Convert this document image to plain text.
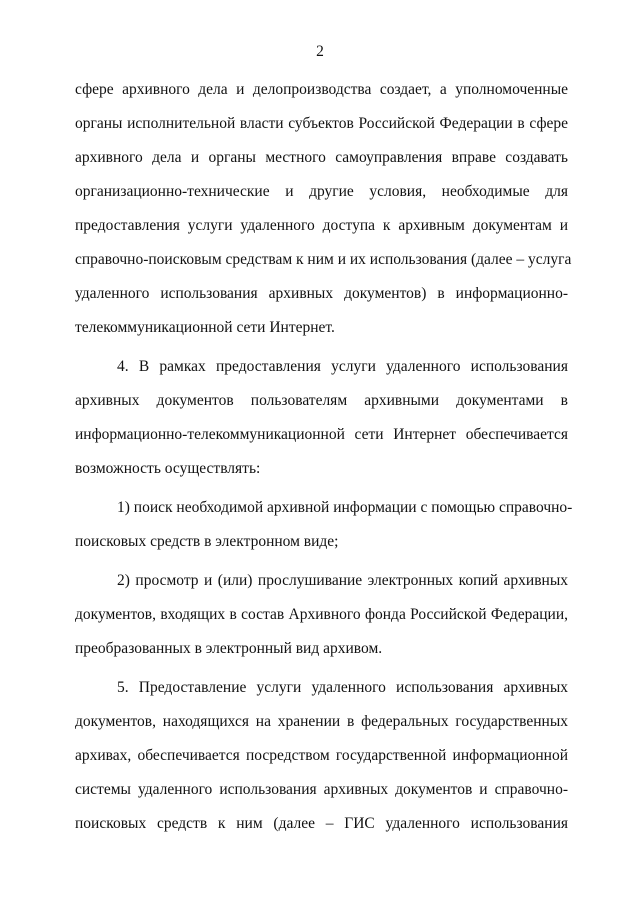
2
сфере архивного дела и делопроизводства создает, а уполномоченные
органы исполнительной власти субъектов Российской Федерации в сфере
архивного дела и органы местного самоуправления вправе создавать
организационно-технические и другие условия, необходимые для
предоставления услуги удаленного доступа к архивным документам и
справочно-поисковым средствам к ним и их использования (далее – услуга
удаленного использования архивных документов) в информационно-
телекоммуникационной сети Интернет.
4. В рамках предоставления услуги удаленного использования
архивных документов пользователям архивными документами в
информационно-телекоммуникационной сети Интернет обеспечивается
возможность осуществлять:
1) поиск необходимой архивной информации с помощью справочно-
поисковых средств в электронном виде;
2) просмотр и (или) прослушивание электронных копий архивных
документов, входящих в состав Архивного фонда Российской Федерации,
преобразованных в электронный вид архивом.
5. Предоставление услуги удаленного использования архивных
документов, находящихся на хранении в федеральных государственных
архивах, обеспечивается посредством государственной информационной
системы удаленного использования архивных документов и справочно-
поисковых средств к ним (далее – ГИС удаленного использования
